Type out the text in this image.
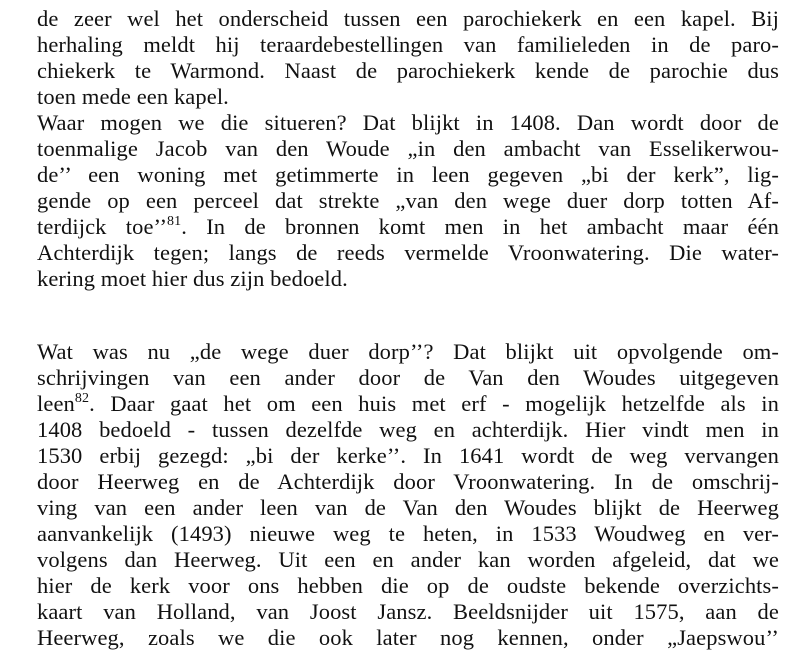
de zeer wel het onderscheid tussen een parochiekerk en een kapel. Bij
herhaling meldt hij teraardebestellingen van familieleden in de paro-
chiekerk te Warmond. Naast de parochiekerk kende de parochie dus
toen mede een kapel.
Waar mogen we die situeren? Dat blijkt in 1408. Dan wordt door de
toenmalige Jacob van den Woude „in den ambacht van Esselikerwou-
de’’ een woning met getimmerte in leen gegeven „bi der kerk”, lig-
gende op een perceel dat strekte „van den wege duer dorp totten Af-
terdijck toe’’$^{81}$. In de bronnen komt men in het ambacht maar één
Achterdijk tegen; langs de reeds vermelde Vroonwatering. Die water-
kering moet hier dus zijn bedoeld.
Wat was nu „de wege duer dorp’’? Dat blijkt uit opvolgende om-
schrijvingen van een ander door de Van den Woudes uitgegeven
leen$^{82}$. Daar gaat het om een huis met erf - mogelijk hetzelfde als in
1408 bedoeld - tussen dezelfde weg en achterdijk. Hier vindt men in
1530 erbij gezegd: „bi der kerke’’. In 1641 wordt de weg vervangen
door Heerweg en de Achterdijk door Vroonwatering. In de omschrij-
ving van een ander leen van de Van den Woudes blijkt de Heerweg
aanvankelijk (1493) nieuwe weg te heten, in 1533 Woudweg en ver-
volgens dan Heerweg. Uit een en ander kan worden afgeleid, dat we
hier de kerk voor ons hebben die op de oudste bekende overzichts-
kaart van Holland, van Joost Jansz. Beeldsnijder uit 1575, aan de
Heerweg, zoals we die ook later nog kennen, onder „Jaepswou’’
